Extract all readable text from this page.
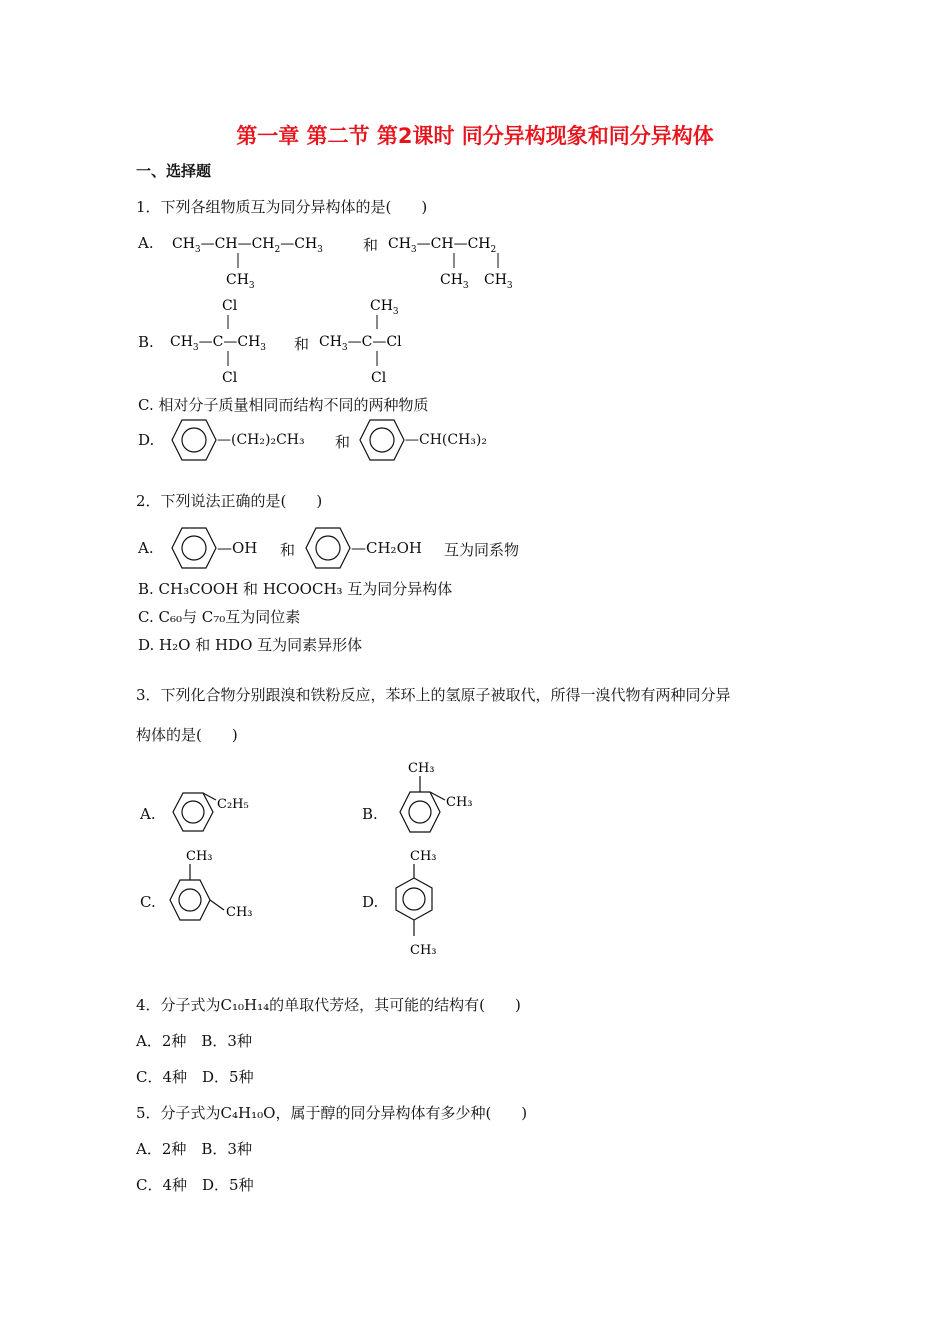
第一章 第二节 第2课时 同分异构现象和同分异构体
一、选择题
1．下列各组物质互为同分异构体的是(　　)
A. $CH_3—CH—CH_2—CH_3$
$CH_3$
和 $CH_3—CH—CH_2$
$CH_3$ $CH_3$
B.
Cl
$CH_3—C—CH_3$
Cl
和
$CH_3$
$CH_3—C—Cl$
Cl
C. 相对分子质量相同而结构不同的两种物质
D.	—(CH₂)₂CH₃ 和	—CH(CH₃)₂
2．下列说法正确的是(　　)
A.	—OH 和	—CH₂OH 互为同系物
B. CH₃COOH 和 HCOOCH₃ 互为同分异构体
C. C₆₀与 C₇₀互为同位素
D. H₂O 和 HDO 互为同素异形体
3．下列化合物分别跟溴和铁粉反应，苯环上的氢原子被取代，所得一溴代物有两种同分异
构体的是(　　)
A.
C₂H₅
B.
CH₃
CH₃
C.
CH₃
CH₃
D.
CH₃
CH₃
4．分子式为C₁₀H₁₄的单取代芳烃，其可能的结构有(　　)
A．2种　B．3种
C．4种　D．5种
5．分子式为C₄H₁₀O，属于醇的同分异构体有多少种(　　)
A．2种　B．3种
C．4种　D．5种
